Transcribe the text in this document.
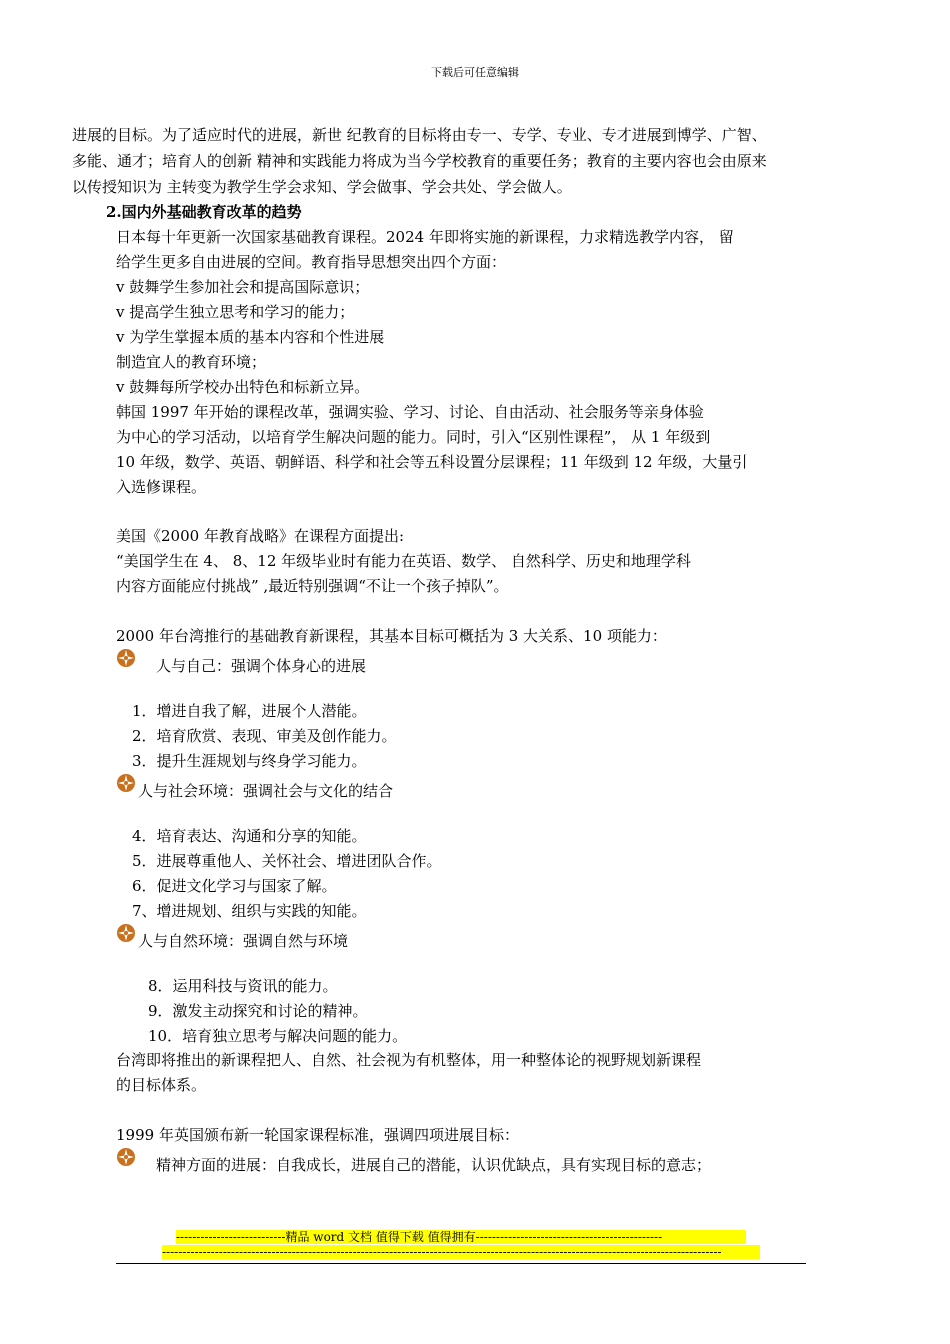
下载后可任意编辑
进展的目标。为了适应时代的进展，新世 纪教育的目标将由专一、专学、专业、专才进展到博学、广智、
多能、通才；培育人的创新 精神和实践能力将成为当今学校教育的重要任务；教育的主要内容也会由原来
以传授知识为 主转变为教学生学会求知、学会做事、学会共处、学会做人。
2.国内外基础教育改革的趋势
日本每十年更新一次国家基础教育课程。2024 年即将实施的新课程，力求精选教学内容， 留
给学生更多自由进展的空间。教育指导思想突出四个方面：
v 鼓舞学生参加社会和提高国际意识；
v 提高学生独立思考和学习的能力；
v 为学生掌握本质的基本内容和个性进展
制造宜人的教育环境；
v 鼓舞每所学校办出特色和标新立异。
韩国 1997 年开始的课程改革，强调实验、学习、讨论、自由活动、社会服务等亲身体验
为中心的学习活动，以培育学生解决问题的能力。同时，引入“区别性课程”， 从 1 年级到
10 年级，数学、英语、朝鲜语、科学和社会等五科设置分层课程；11 年级到 12 年级，大量引
入选修课程。
美国《2000 年教育战略》在课程方面提出:
“美国学生在 4、 8、12 年级毕业时有能力在英语、数学、 自然科学、历史和地理学科
内容方面能应付挑战” ,最近特别强调“不让一个孩子掉队”。
2000 年台湾推行的基础教育新课程，其基本目标可概括为 3 大关系、10 项能力：
人与自己：强调个体身心的进展
1．增进自我了解，进展个人潜能。
2．培育欣赏、表现、审美及创作能力。
3．提升生涯规划与终身学习能力。
人与社会环境：强调社会与文化的结合
4．培育表达、沟通和分享的知能。
5．进展尊重他人、关怀社会、增进团队合作。
6．促进文化学习与国家了解。
7、增进规划、组织与实践的知能。
人与自然环境：强调自然与环境
8．运用科技与资讯的能力。
9．激发主动探究和讨论的精神。
10．培育独立思考与解决问题的能力。
台湾即将推出的新课程把人、自然、社会视为有机整体，用一种整体论的视野规划新课程
的目标体系。
1999 年英国颁布新一轮国家课程标准，强调四项进展目标：
精神方面的进展：自我成长，进展自己的潜能，认识优缺点，具有实现目标的意志；
---------------------------精品 word 文档 值得下载 值得拥有----------------------------------------------
------------------------------------------------------------------------------------------------------------------------------------------
